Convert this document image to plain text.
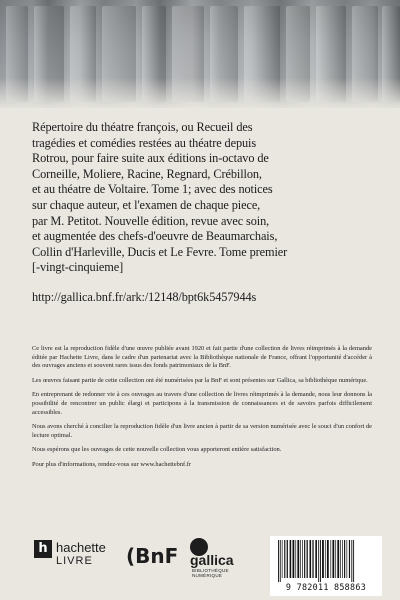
Répertoire du théatre françois, ou Recueil des
tragédies et comédies restées au théatre depuis
Rotrou, pour faire suite aux éditions in-octavo de
Corneille, Moliere, Racine, Regnard, Crébillon,
et au théatre de Voltaire. Tome 1; avec des notices
sur chaque auteur, et l'examen de chaque piece,
par M. Petitot. Nouvelle édition, revue avec soin,
et augmentée des chefs-d'oeuvre de Beaumarchais,
Collin d'Harleville, Ducis et Le Fevre. Tome premier
[-vingt-cinquieme]
http://gallica.bnf.fr/ark:/12148/bpt6k5457944s

Ce livre est la reproduction fidèle d'une œuvre publiée avant 1920 et fait partie d'une collection de livres réimprimés à la demande éditée par Hachette Livre, dans le cadre d'un partenariat avec la Bibliothèque nationale de France, offrant l'opportunité d'accéder à des ouvrages anciens et souvent rares issus des fonds patrimoniaux de la BnF.

Les œuvres faisant partie de cette collection ont été numérisées par la BnF et sont présentes sur Gallica, sa bibliothèque numérique.

En entreprenant de redonner vie à ces ouvrages au travers d'une collection de livres réimprimés à la demande, nous leur donnons la possibilité de rencontrer un public élargi et participons à la transmission de connaissances et de savoirs parfois difficilement accessibles.

Nous avons cherché à concilier la reproduction fidèle d'un livre ancien à partir de sa version numérisée avec le souci d'un confort de lecture optimal.

Nous espérons que les ouvrages de cette nouvelle collection vous apporteront entière satisfaction.

Pour plus d'informations, rendez-vous sur www.hachettebnf.fr

h hachette
LIVRE (BnF gallica
BIBLIOTHÈQUE NUMÉRIQUE
9 782011 858863
